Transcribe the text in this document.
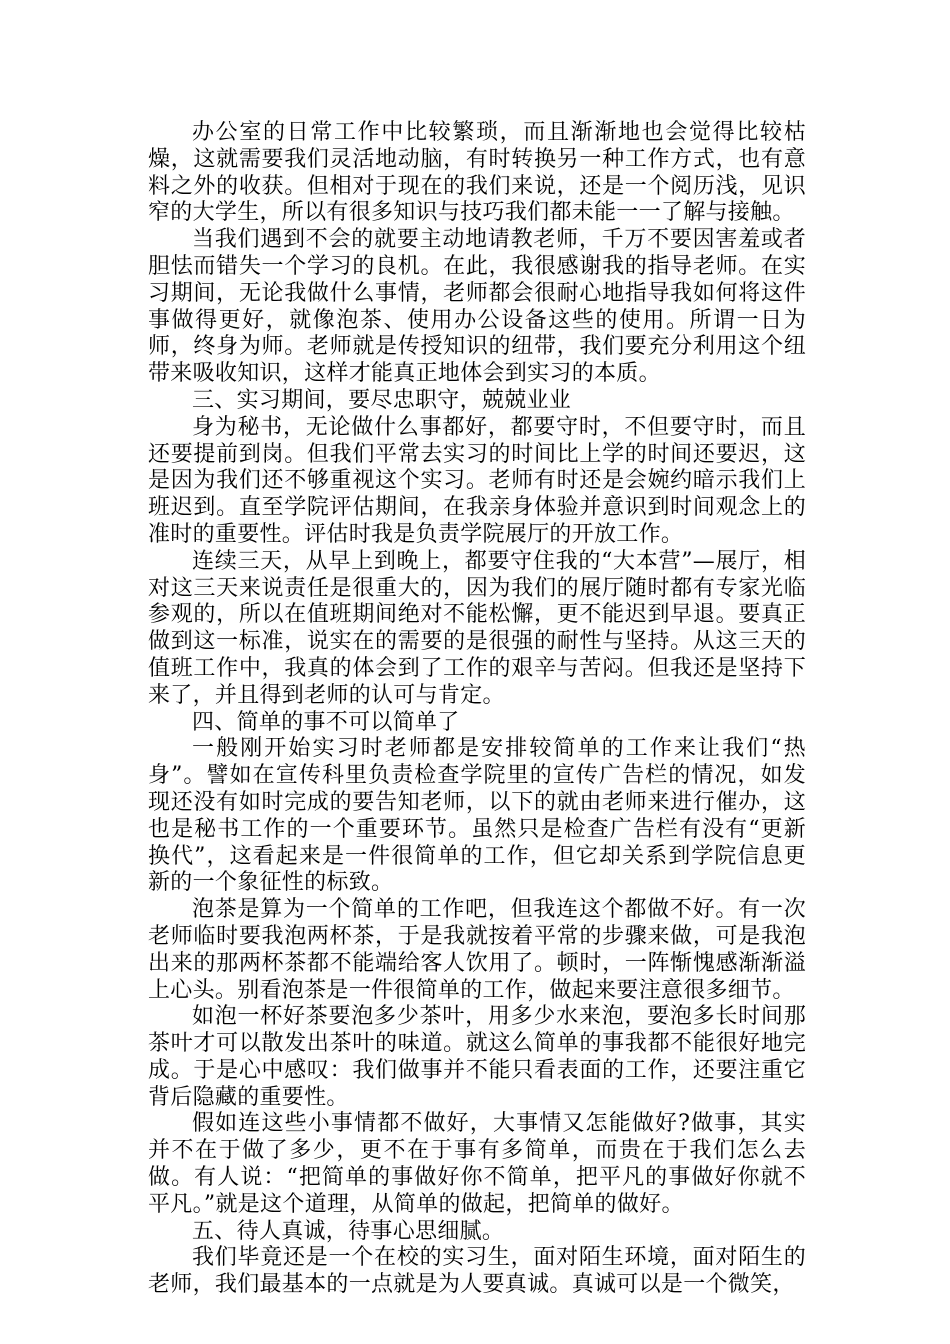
办公室的日常工作中比较繁琐，而且渐渐地也会觉得比较枯燥，这就需要我们灵活地动脑，有时转换另一种工作方式，也有意料之外的收获。但相对于现在的我们来说，还是一个阅历浅，见识窄的大学生，所以有很多知识与技巧我们都未能一一了解与接触。

当我们遇到不会的就要主动地请教老师，千万不要因害羞或者胆怯而错失一个学习的良机。在此，我很感谢我的指导老师。在实习期间，无论我做什么事情，老师都会很耐心地指导我如何将这件事做得更好，就像泡茶、使用办公设备这些的使用。所谓一日为师，终身为师。老师就是传授知识的纽带，我们要充分利用这个纽带来吸收知识，这样才能真正地体会到实习的本质。

三、实习期间，要尽忠职守，兢兢业业

身为秘书，无论做什么事都好，都要守时，不但要守时，而且还要提前到岗。但我们平常去实习的时间比上学的时间还要迟，这是因为我们还不够重视这个实习。老师有时还是会婉约暗示我们上班迟到。直至学院评估期间，在我亲身体验并意识到时间观念上的准时的重要性。评估时我是负责学院展厅的开放工作。

连续三天，从早上到晚上，都要守住我的“大本营”—展厅，相对这三天来说责任是很重大的，因为我们的展厅随时都有专家光临参观的，所以在值班期间绝对不能松懈，更不能迟到早退。要真正做到这一标准，说实在的需要的是很强的耐性与坚持。从这三天的值班工作中，我真的体会到了工作的艰辛与苦闷。但我还是坚持下来了，并且得到老师的认可与肯定。

四、简单的事不可以简单了

一般刚开始实习时老师都是安排较简单的工作来让我们“热身”。譬如在宣传科里负责检查学院里的宣传广告栏的情况，如发现还没有如时完成的要告知老师，以下的就由老师来进行催办，这也是秘书工作的一个重要环节。虽然只是检查广告栏有没有“更新换代”，这看起来是一件很简单的工作，但它却关系到学院信息更新的一个象征性的标致。

泡茶是算为一个简单的工作吧，但我连这个都做不好。有一次老师临时要我泡两杯茶，于是我就按着平常的步骤来做，可是我泡出来的那两杯茶都不能端给客人饮用了。顿时，一阵惭愧感渐渐溢上心头。别看泡茶是一件很简单的工作，做起来要注意很多细节。

如泡一杯好茶要泡多少茶叶，用多少水来泡，要泡多长时间那茶叶才可以散发出茶叶的味道。就这么简单的事我都不能很好地完成。于是心中感叹：我们做事并不能只看表面的工作，还要注重它背后隐藏的重要性。

假如连这些小事情都不做好，大事情又怎能做好?做事，其实并不在于做了多少，更不在于事有多简单，而贵在于我们怎么去做。有人说：“把简单的事做好你不简单，把平凡的事做好你就不平凡。”就是这个道理，从简单的做起，把简单的做好。

五、待人真诚，待事心思细腻。

我们毕竟还是一个在校的实习生，面对陌生环境，面对陌生的老师，我们最基本的一点就是为人要真诚。真诚可以是一个微笑，
